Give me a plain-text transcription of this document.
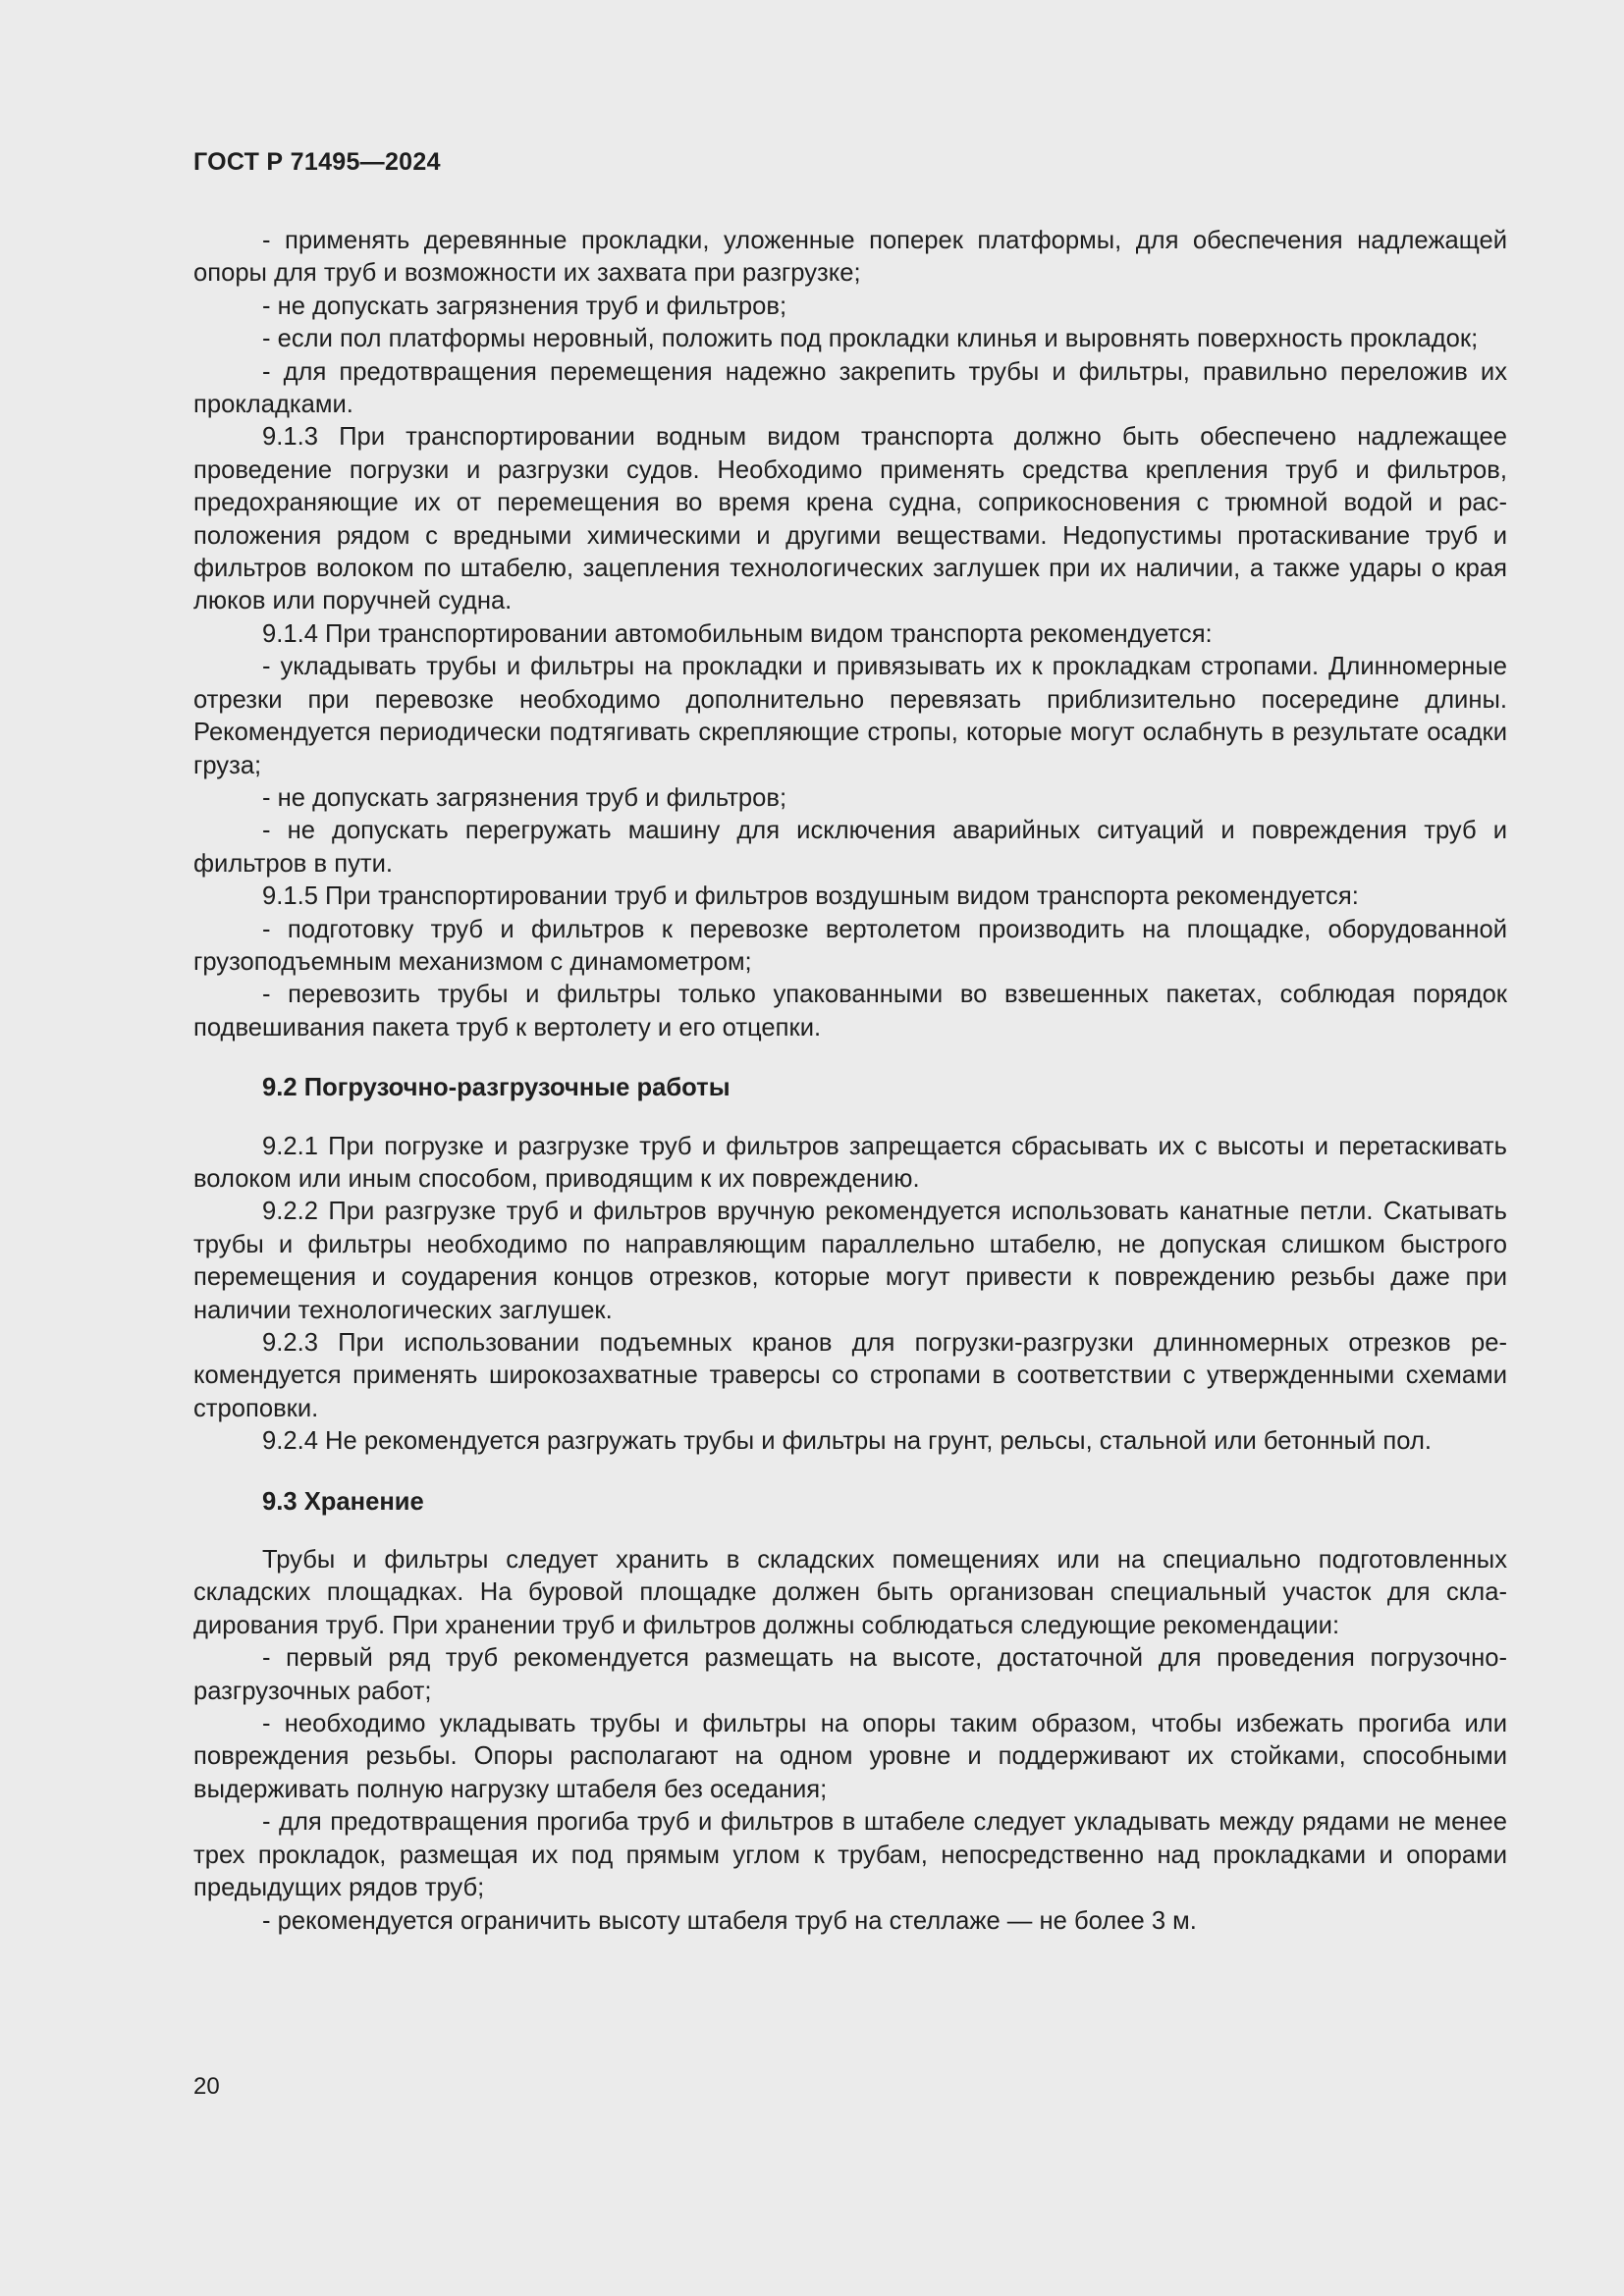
ГОСТ Р 71495—2024

- применять деревянные прокладки, уложенные поперек платформы, для обеспечения надлежащей опоры для труб и возможности их захвата при разгрузке;

- не допускать загрязнения труб и фильтров;

- если пол платформы неровный, положить под прокладки клинья и выровнять поверхность прокладок;

- для предотвращения перемещения надежно закрепить трубы и фильтры, правильно переложив их прокладками.

9.1.3 При транспортировании водным видом транспорта должно быть обеспечено надлежащее проведение погрузки и разгрузки судов. Необходимо применять средства крепления труб и фильтров, предохраняющие их от перемещения во время крена судна, соприкосновения с трюмной водой и расположения рядом с вредными химическими и другими веществами. Недопустимы протаскивание труб и фильтров волоком по штабелю, зацепления технологических заглушек при их наличии, а также удары о края люков или поручней судна.

9.1.4 При транспортировании автомобильным видом транспорта рекомендуется:

- укладывать трубы и фильтры на прокладки и привязывать их к прокладкам стропами. Длинномерные отрезки при перевозке необходимо дополнительно перевязать приблизительно посередине длины. Рекомендуется периодически подтягивать скрепляющие стропы, которые могут ослабнуть в результате осадки груза;

- не допускать загрязнения труб и фильтров;

- не допускать перегружать машину для исключения аварийных ситуаций и повреждения труб и фильтров в пути.

9.1.5 При транспортировании труб и фильтров воздушным видом транспорта рекомендуется:

- подготовку труб и фильтров к перевозке вертолетом производить на площадке, оборудованной грузоподъемным механизмом с динамометром;

- перевозить трубы и фильтры только упакованными во взвешенных пакетах, соблюдая порядок подвешивания пакета труб к вертолету и его отцепки.

9.2 Погрузочно-разгрузочные работы

9.2.1 При погрузке и разгрузке труб и фильтров запрещается сбрасывать их с высоты и перетаскивать волоком или иным способом, приводящим к их повреждению.

9.2.2 При разгрузке труб и фильтров вручную рекомендуется использовать канатные петли. Скатывать трубы и фильтры необходимо по направляющим параллельно штабелю, не допуская слишком быстрого перемещения и соударения концов отрезков, которые могут привести к повреждению резьбы даже при наличии технологических заглушек.

9.2.3 При использовании подъемных кранов для погрузки-разгрузки длинномерных отрезков рекомендуется применять широкозахватные траверсы со стропами в соответствии с утвержденными схемами строповки.

9.2.4 Не рекомендуется разгружать трубы и фильтры на грунт, рельсы, стальной или бетонный пол.

9.3 Хранение

Трубы и фильтры следует хранить в складских помещениях или на специально подготовленных складских площадках. На буровой площадке должен быть организован специальный участок для складирования труб. При хранении труб и фильтров должны соблюдаться следующие рекомендации:

- первый ряд труб рекомендуется размещать на высоте, достаточной для проведения погрузочно-разгрузочных работ;

- необходимо укладывать трубы и фильтры на опоры таким образом, чтобы избежать прогиба или повреждения резьбы. Опоры располагают на одном уровне и поддерживают их стойками, способными выдерживать полную нагрузку штабеля без оседания;

- для предотвращения прогиба труб и фильтров в штабеле следует укладывать между рядами не менее трех прокладок, размещая их под прямым углом к трубам, непосредственно над прокладками и опорами предыдущих рядов труб;

- рекомендуется ограничить высоту штабеля труб на стеллаже — не более 3 м.

20
